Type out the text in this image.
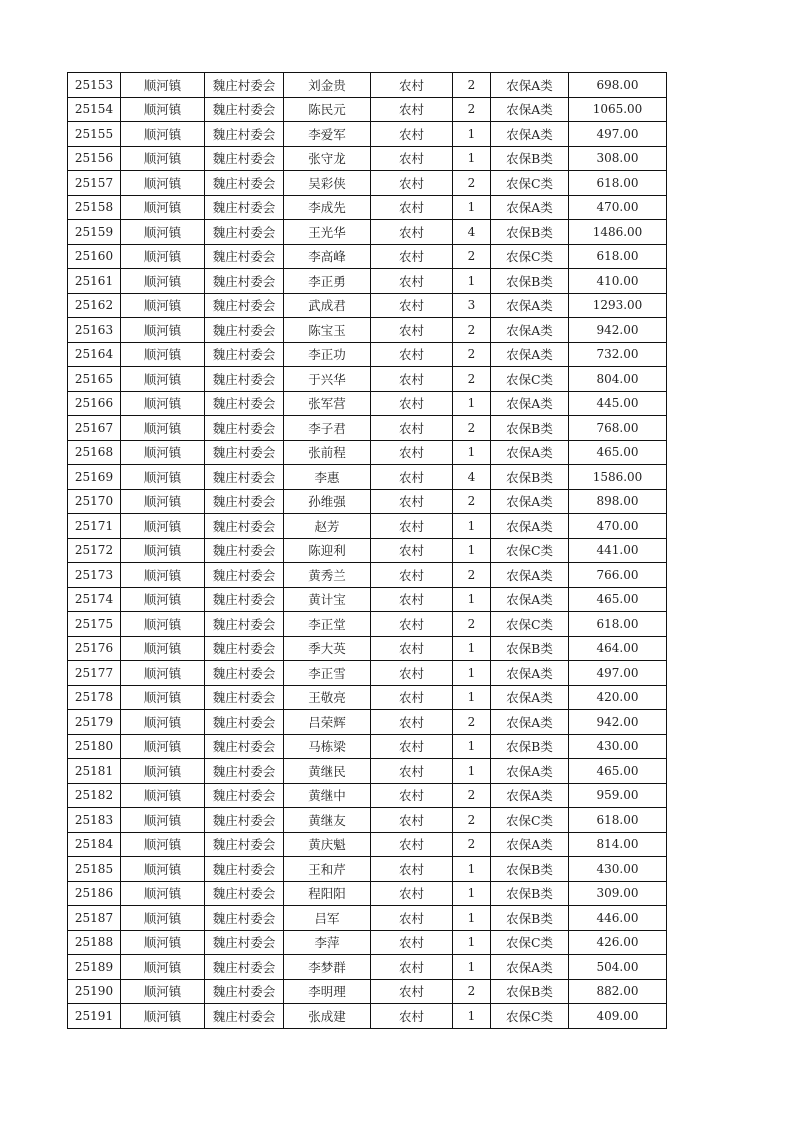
25153	顺河镇	魏庄村委会	刘金贵	农村	2	农保A类	698.00
25154	顺河镇	魏庄村委会	陈民元	农村	2	农保A类	1065.00
25155	顺河镇	魏庄村委会	李爱军	农村	1	农保A类	497.00
25156	顺河镇	魏庄村委会	张守龙	农村	1	农保B类	308.00
25157	顺河镇	魏庄村委会	吴彩侠	农村	2	农保C类	618.00
25158	顺河镇	魏庄村委会	李成先	农村	1	农保A类	470.00
25159	顺河镇	魏庄村委会	王光华	农村	4	农保B类	1486.00
25160	顺河镇	魏庄村委会	李高峰	农村	2	农保C类	618.00
25161	顺河镇	魏庄村委会	李正勇	农村	1	农保B类	410.00
25162	顺河镇	魏庄村委会	武成君	农村	3	农保A类	1293.00
25163	顺河镇	魏庄村委会	陈宝玉	农村	2	农保A类	942.00
25164	顺河镇	魏庄村委会	李正功	农村	2	农保A类	732.00
25165	顺河镇	魏庄村委会	于兴华	农村	2	农保C类	804.00
25166	顺河镇	魏庄村委会	张军营	农村	1	农保A类	445.00
25167	顺河镇	魏庄村委会	李子君	农村	2	农保B类	768.00
25168	顺河镇	魏庄村委会	张前程	农村	1	农保A类	465.00
25169	顺河镇	魏庄村委会	李惠	农村	4	农保B类	1586.00
25170	顺河镇	魏庄村委会	孙维强	农村	2	农保A类	898.00
25171	顺河镇	魏庄村委会	赵芳	农村	1	农保A类	470.00
25172	顺河镇	魏庄村委会	陈迎利	农村	1	农保C类	441.00
25173	顺河镇	魏庄村委会	黄秀兰	农村	2	农保A类	766.00
25174	顺河镇	魏庄村委会	黄计宝	农村	1	农保A类	465.00
25175	顺河镇	魏庄村委会	李正堂	农村	2	农保C类	618.00
25176	顺河镇	魏庄村委会	季大英	农村	1	农保B类	464.00
25177	顺河镇	魏庄村委会	李正雪	农村	1	农保A类	497.00
25178	顺河镇	魏庄村委会	王敬亮	农村	1	农保A类	420.00
25179	顺河镇	魏庄村委会	吕荣辉	农村	2	农保A类	942.00
25180	顺河镇	魏庄村委会	马栋梁	农村	1	农保B类	430.00
25181	顺河镇	魏庄村委会	黄继民	农村	1	农保A类	465.00
25182	顺河镇	魏庄村委会	黄继中	农村	2	农保A类	959.00
25183	顺河镇	魏庄村委会	黄继友	农村	2	农保C类	618.00
25184	顺河镇	魏庄村委会	黄庆魁	农村	2	农保A类	814.00
25185	顺河镇	魏庄村委会	王和芹	农村	1	农保B类	430.00
25186	顺河镇	魏庄村委会	程阳阳	农村	1	农保B类	309.00
25187	顺河镇	魏庄村委会	吕军	农村	1	农保B类	446.00
25188	顺河镇	魏庄村委会	李萍	农村	1	农保C类	426.00
25189	顺河镇	魏庄村委会	李梦群	农村	1	农保A类	504.00
25190	顺河镇	魏庄村委会	李明理	农村	2	农保B类	882.00
25191	顺河镇	魏庄村委会	张成建	农村	1	农保C类	409.00
